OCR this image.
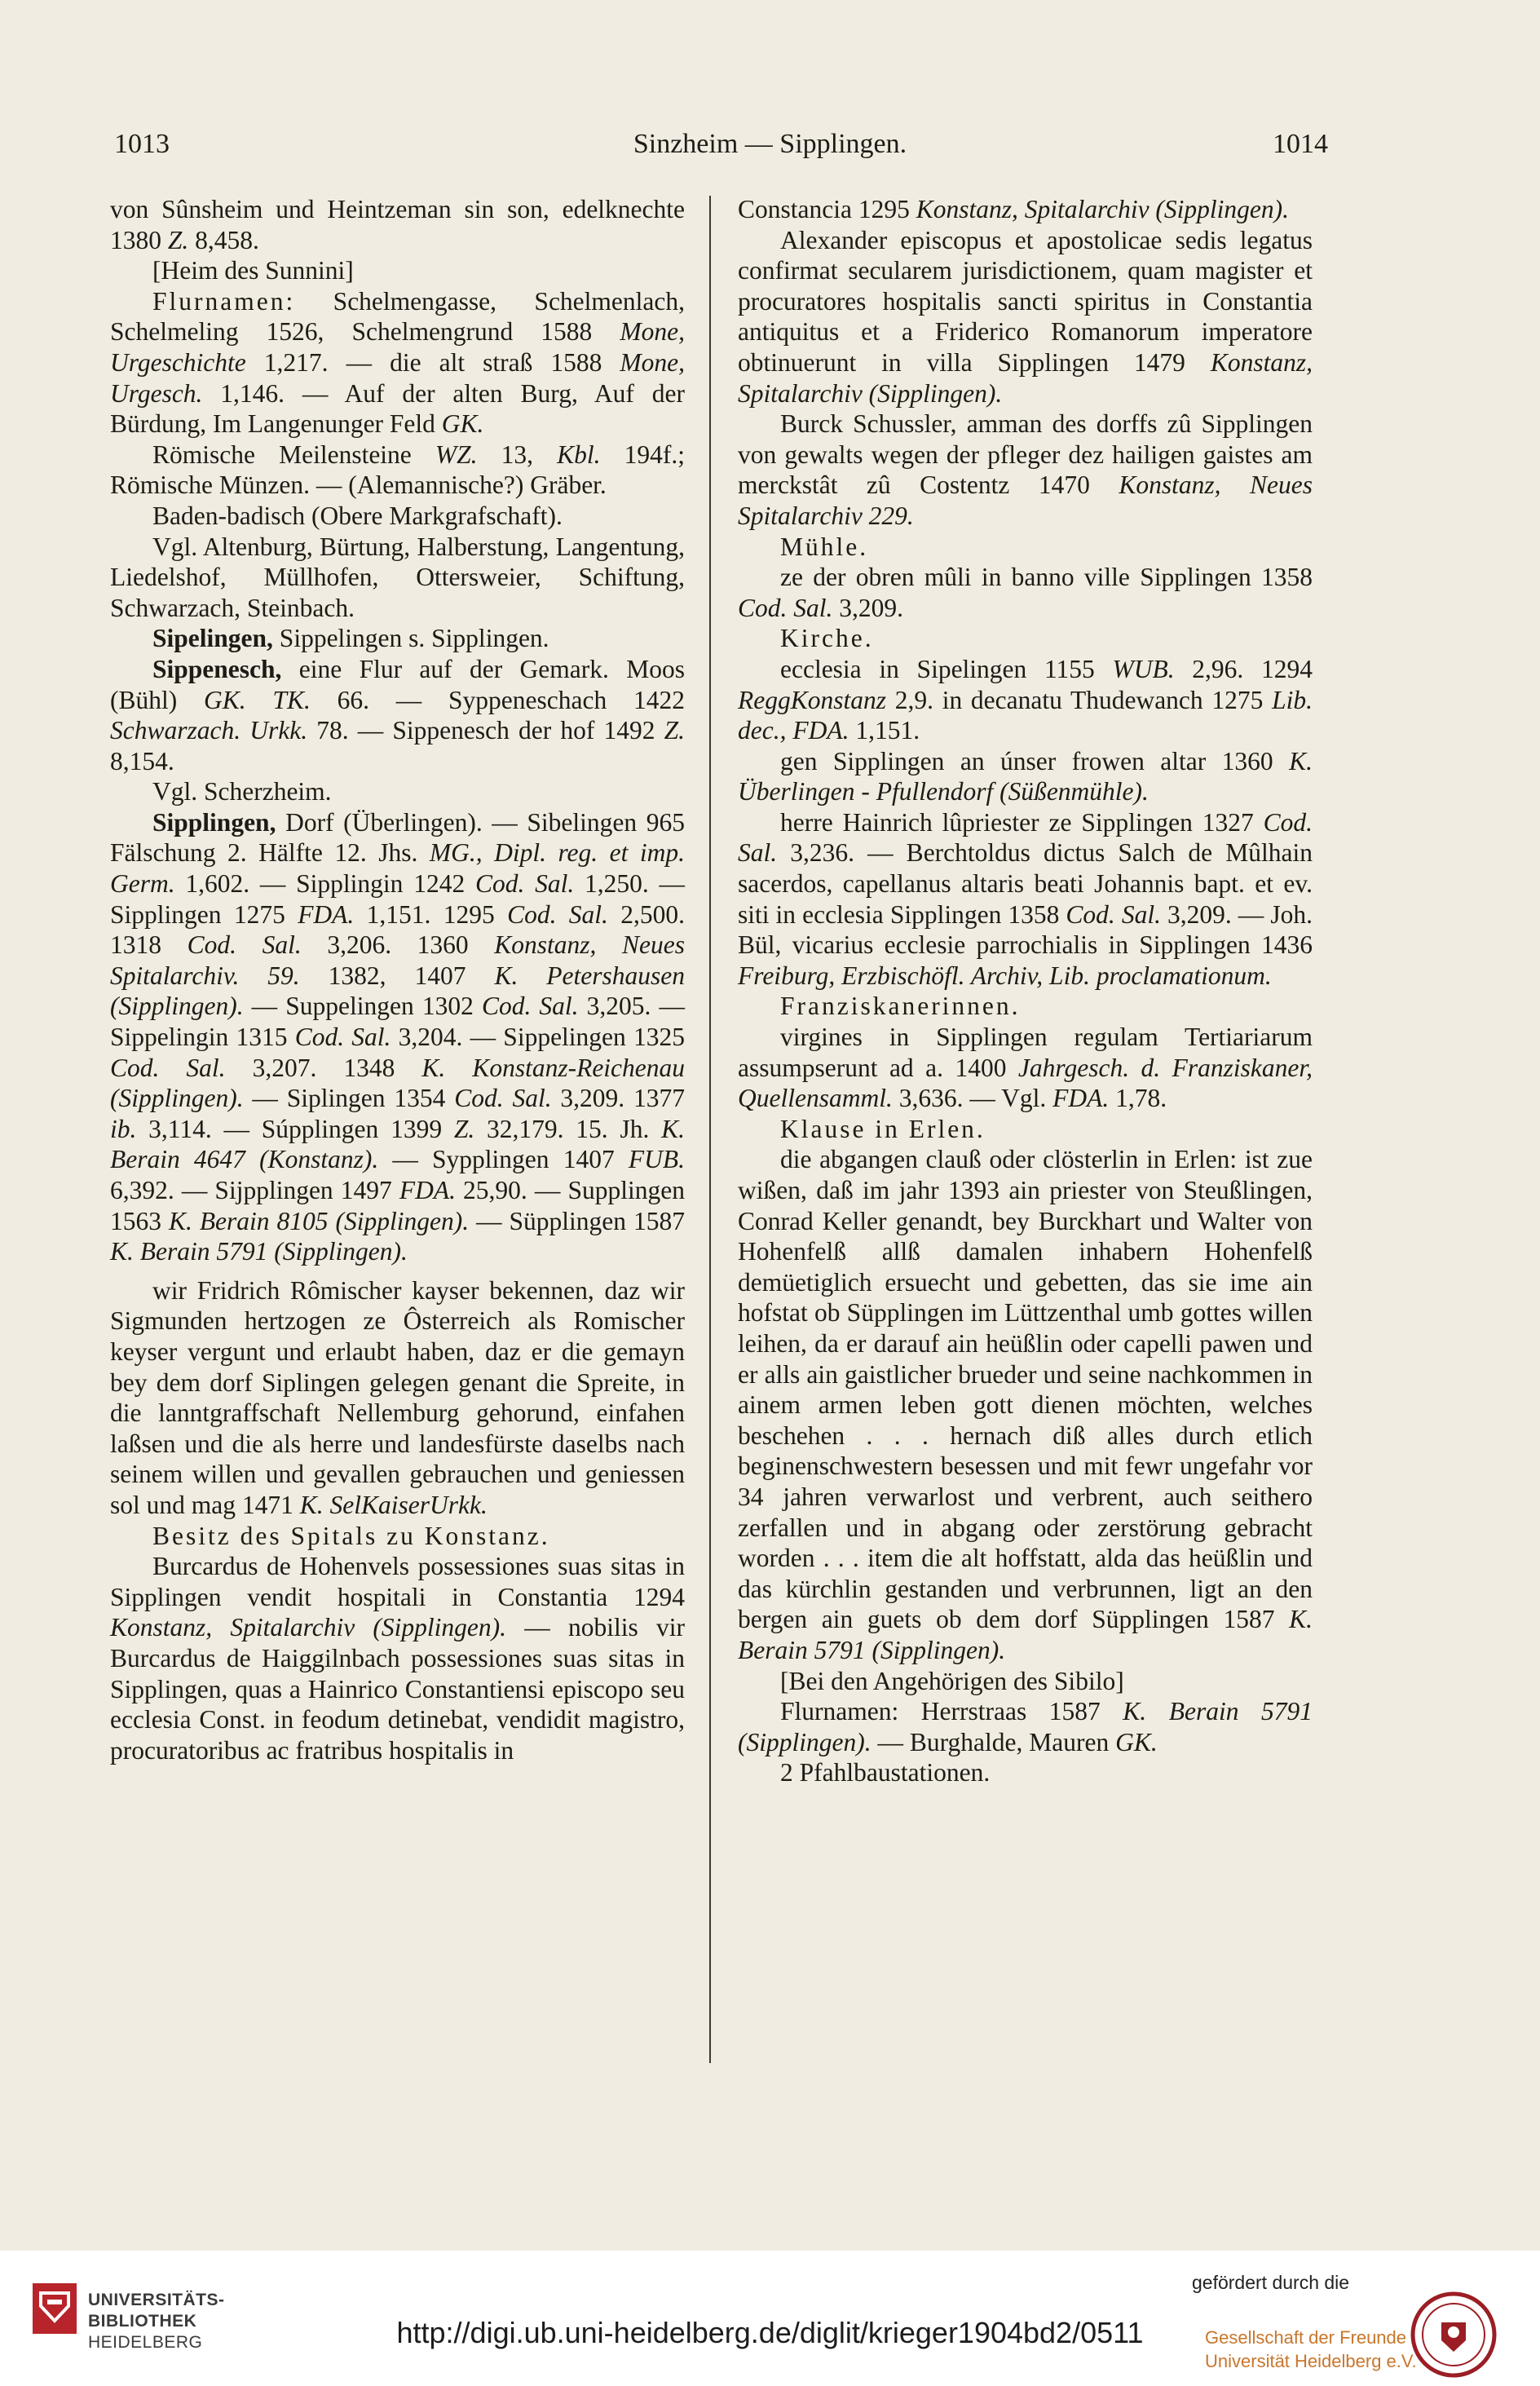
1013	Sinzheim — Sipplingen.	1014

von Sûnsheim und Heintzeman sin son, edelknechte 1380 Z. 8,458.

[Heim des Sunnini]

Flurnamen: Schelmengasse, Schelmenlach, Schelmeling 1526, Schelmengrund 1588 Mone, Urgeschichte 1,217. — die alt straß 1588 Mone, Urgesch. 1,146. — Auf der alten Burg, Auf der Bürdung, Im Langenunger Feld GK.

Römische Meilensteine WZ. 13, Kbl. 194f.; Römische Münzen. — (Alemannische?) Gräber.

Baden-badisch (Obere Markgrafschaft).

Vgl. Altenburg, Bürtung, Halberstung, Langentung, Liedelshof, Müllhofen, Ottersweier, Schiftung, Schwarzach, Steinbach.

Sipelingen, Sippelingen s. Sipplingen.

Sippenesch, eine Flur auf der Gemark. Moos (Bühl) GK. TK. 66. — Syppeneschach 1422 Schwarzach. Urkk. 78. — Sippenesch der hof 1492 Z. 8,154.

Vgl. Scherzheim.

Sipplingen, Dorf (Überlingen). — Sibelingen 965 Fälschung 2. Hälfte 12. Jhs. MG., Dipl. reg. et imp. Germ. 1,602. — Sipplingin 1242 Cod. Sal. 1,250. — Sipplingen 1275 FDA. 1,151. 1295 Cod. Sal. 2,500. 1318 Cod. Sal. 3,206. 1360 Konstanz, Neues Spitalarchiv. 59. 1382, 1407 K. Petershausen (Sipplingen). — Suppelingen 1302 Cod. Sal. 3,205. — Sippelingin 1315 Cod. Sal. 3,204. — Sippelingen 1325 Cod. Sal. 3,207. 1348 K. Konstanz-Reichenau (Sipplingen). — Siplingen 1354 Cod. Sal. 3,209. 1377 ib. 3,114. — Súpplingen 1399 Z. 32,179. 15. Jh. K. Berain 4647 (Konstanz). — Sypplingen 1407 FUB. 6,392. — Sijpplingen 1497 FDA. 25,90. — Supplingen 1563 K. Berain 8105 (Sipplingen). — Süpplingen 1587 K. Berain 5791 (Sipplingen).

wir Fridrich Rômischer kayser bekennen, daz wir Sigmunden hertzogen ze Ôsterreich als Romischer keyser vergunt und erlaubt haben, daz er die gemayn bey dem dorf Siplingen gelegen genant die Spreite, in die lanntgraffschaft Nellemburg gehorund, einfahen laßsen und die als herre und landesfürste daselbs nach seinem willen und gevallen gebrauchen und geniessen sol und mag 1471 K. SelKaiserUrkk.

Besitz des Spitals zu Konstanz.

Burcardus de Hohenvels possessiones suas sitas in Sipplingen vendit hospitali in Constantia 1294 Konstanz, Spitalarchiv (Sipplingen). — nobilis vir Burcardus de Haiggilnbach possessiones suas sitas in Sipplingen, quas a Hainrico Constantiensi episcopo seu ecclesia Const. in feodum detinebat, vendidit magistro, procuratoribus ac fratribus hospitalis in

Constancia 1295 Konstanz, Spitalarchiv (Sipplingen).

Alexander episcopus et apostolicae sedis legatus confirmat secularem jurisdictionem, quam magister et procuratores hospitalis sancti spiritus in Constantia antiquitus et a Friderico Romanorum imperatore obtinuerunt in villa Sipplingen 1479 Konstanz, Spitalarchiv (Sipplingen).

Burck Schussler, amman des dorffs zû Sipplingen von gewalts wegen der pfleger dez hailigen gaistes am merckstât zû Costentz 1470 Konstanz, Neues Spitalarchiv 229.

Mühle.

ze der obren mûli in banno ville Sipplingen 1358 Cod. Sal. 3,209.

Kirche.

ecclesia in Sipelingen 1155 WUB. 2,96. 1294 ReggKonstanz 2,9. in decanatu Thudewanch 1275 Lib. dec., FDA. 1,151.

gen Sipplingen an únser frowen altar 1360 K. Überlingen - Pfullendorf (Süßenmühle).

herre Hainrich lûpriester ze Sipplingen 1327 Cod. Sal. 3,236. — Berchtoldus dictus Salch de Mûlhain sacerdos, capellanus altaris beati Johannis bapt. et ev. siti in ecclesia Sipplingen 1358 Cod. Sal. 3,209. — Joh. Bül, vicarius ecclesie parrochialis in Sipplingen 1436 Freiburg, Erzbischöfl. Archiv, Lib. proclamationum.

Franziskanerinnen.

virgines in Sipplingen regulam Tertiariarum assumpserunt ad a. 1400 Jahrgesch. d. Franziskaner, Quellensamml. 3,636. — Vgl. FDA. 1,78.

Klause in Erlen.

die abgangen clauß oder clösterlin in Erlen: ist zue wißen, daß im jahr 1393 ain priester von Steußlingen, Conrad Keller genandt, bey Burckhart und Walter von Hohenfelß allß damalen inhabern Hohenfelß demüetiglich ersuecht und gebetten, das sie ime ain hofstat ob Süpplingen im Lüttzenthal umb gottes willen leihen, da er darauf ain heüßlin oder capelli pawen und er alls ain gaistlicher brueder und seine nachkommen in ainem armen leben gott dienen möchten, welches beschehen . . . hernach diß alles durch etlich beginenschwestern besessen und mit fewr ungefahr vor 34 jahren verwarlost und verbrent, auch seithero zerfallen und in abgang oder zerstörung gebracht worden . . . item die alt hoffstatt, alda das heüßlin und das kürchlin gestanden und verbrunnen, ligt an den bergen ain guets ob dem dorf Süpplingen 1587 K. Berain 5791 (Sipplingen).

[Bei den Angehörigen des Sibilo]

Flurnamen: Herrstraas 1587 K. Berain 5791 (Sipplingen). — Burghalde, Mauren GK.

2 Pfahlbaustationen.

UNIVERSITÄTS-
BIBLIOTHEK
HEIDELBERG	http://digi.ub.uni-heidelberg.de/diglit/krieger1904bd2/0511
gefördert durch die
Gesellschaft der Freunde
Universität Heidelberg e.V.
